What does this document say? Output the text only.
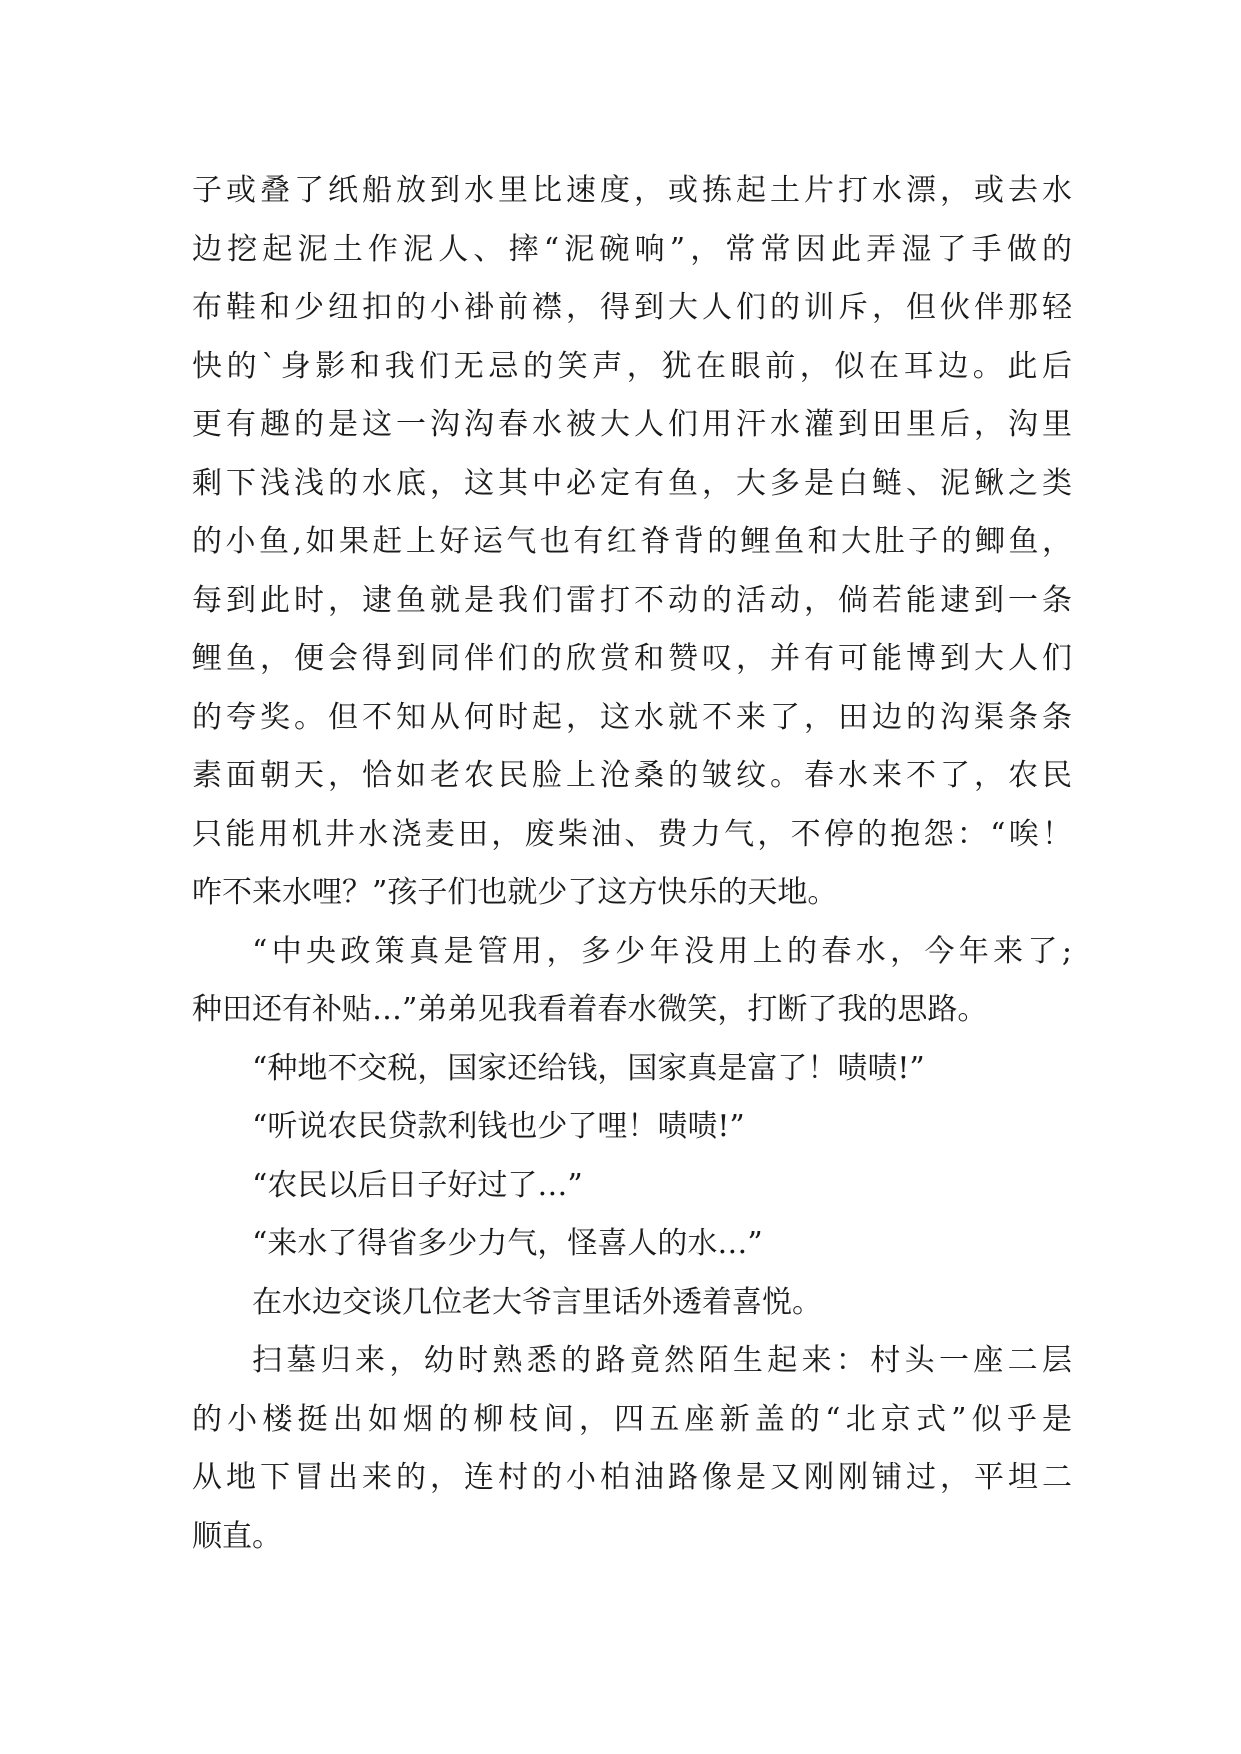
子或叠了纸船放到水里比速度，或拣起土片打水漂，或去水
边挖起泥土作泥人、摔“泥碗响”，常常因此弄湿了手做的
布鞋和少纽扣的小褂前襟，得到大人们的训斥，但伙伴那轻
快的`身影和我们无忌的笑声，犹在眼前，似在耳边。此后
更有趣的是这一沟沟春水被大人们用汗水灌到田里后，沟里
剩下浅浅的水底，这其中必定有鱼，大多是白鲢、泥鳅之类
的小鱼,如果赶上好运气也有红脊背的鲤鱼和大肚子的鲫鱼，
每到此时，逮鱼就是我们雷打不动的活动，倘若能逮到一条
鲤鱼，便会得到同伴们的欣赏和赞叹，并有可能博到大人们
的夸奖。但不知从何时起，这水就不来了，田边的沟渠条条
素面朝天，恰如老农民脸上沧桑的皱纹。春水来不了，农民
只能用机井水浇麦田，废柴油、费力气，不停的抱怨：“唉！
咋不来水哩？”孩子们也就少了这方快乐的天地。
“中央政策真是管用，多少年没用上的春水，今年来了;
种田还有补贴…”弟弟见我看着春水微笑，打断了我的思路。
“种地不交税，国家还给钱，国家真是富了！啧啧!”
“听说农民贷款利钱也少了哩！啧啧!”
“农民以后日子好过了…”
“来水了得省多少力气，怪喜人的水…”
在水边交谈几位老大爷言里话外透着喜悦。
扫墓归来，幼时熟悉的路竟然陌生起来：村头一座二层
的小楼挺出如烟的柳枝间，四五座新盖的“北京式”似乎是
从地下冒出来的，连村的小柏油路像是又刚刚铺过，平坦二
顺直。
